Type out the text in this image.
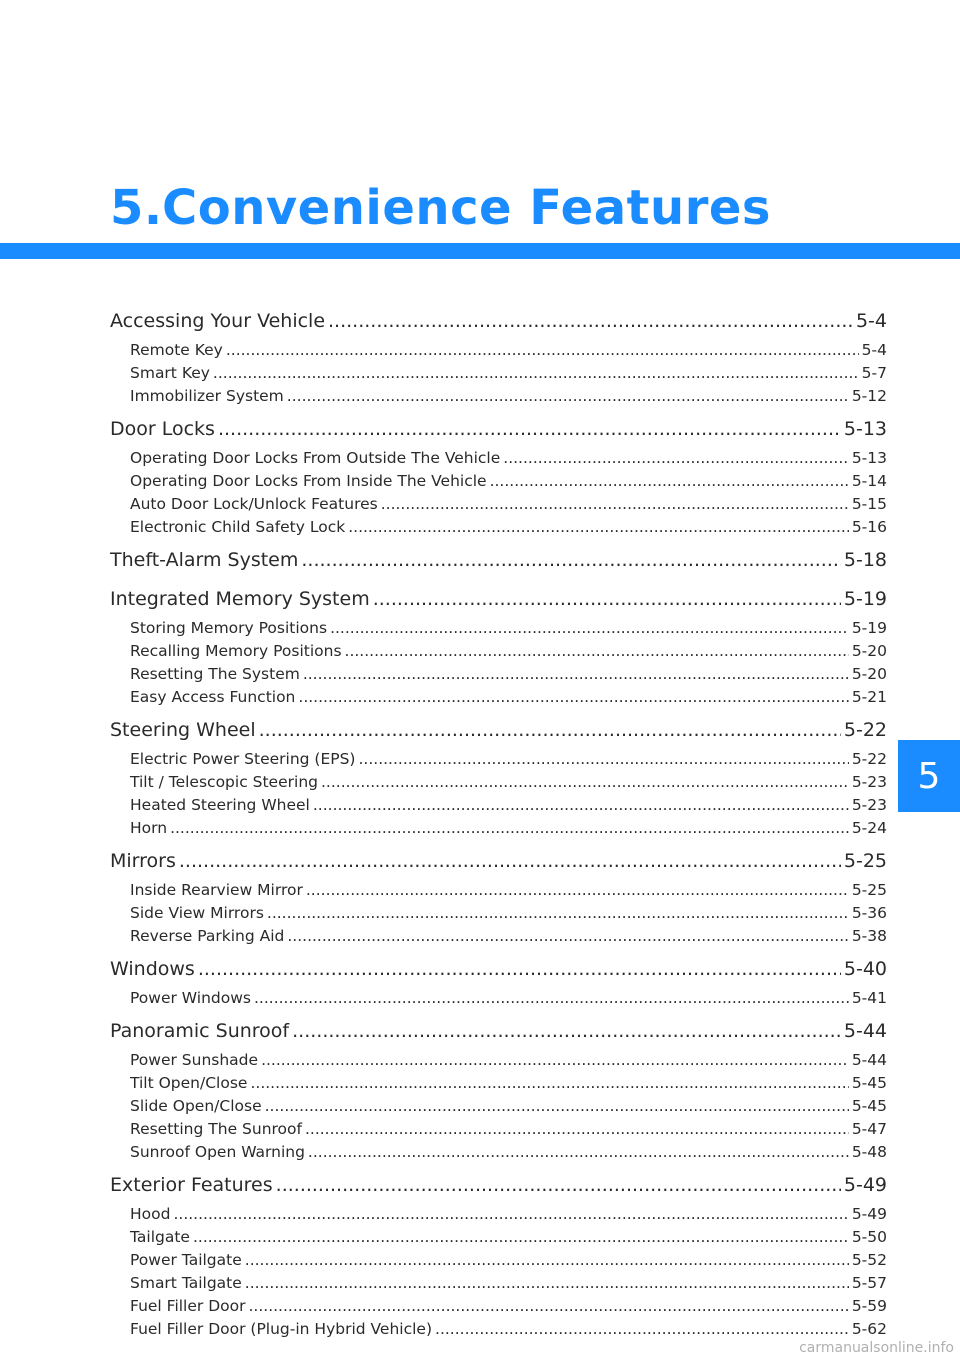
5. Convenience Features
5
Accessing Your Vehicle .....	5-4
Remote Key .....	5-4
Smart Key .....	5-7
Immobilizer System .....	5-12
Door Locks .....	5-13
Operating Door Locks From Outside The Vehicle .....	5-13
Operating Door Locks From Inside The Vehicle .....	5-14
Auto Door Lock/Unlock Features .....	5-15
Electronic Child Safety Lock .....	5-16
Theft-Alarm System .....	5-18
Integrated Memory System .....	5-19
Storing Memory Positions .....	5-19
Recalling Memory Positions .....	5-20
Resetting The System .....	5-20
Easy Access Function .....	5-21
Steering Wheel .....	5-22
Electric Power Steering (EPS) .....	5-22
Tilt / Telescopic Steering .....	5-23
Heated Steering Wheel .....	5-23
Horn .....	5-24
Mirrors .....	5-25
Inside Rearview Mirror .....	5-25
Side View Mirrors .....	5-36
Reverse Parking Aid .....	5-38
Windows .....	5-40
Power Windows .....	5-41
Panoramic Sunroof .....	5-44
Power Sunshade .....	5-44
Tilt Open/Close .....	5-45
Slide Open/Close .....	5-45
Resetting The Sunroof .....	5-47
Sunroof Open Warning .....	5-48
Exterior Features .....	5-49
Hood .....	5-49
Tailgate .....	5-50
Power Tailgate .....	5-52
Smart Tailgate .....	5-57
Fuel Filler Door .....	5-59
Fuel Filler Door (Plug-in Hybrid Vehicle) .....	5-62
carmanualsonline.info
